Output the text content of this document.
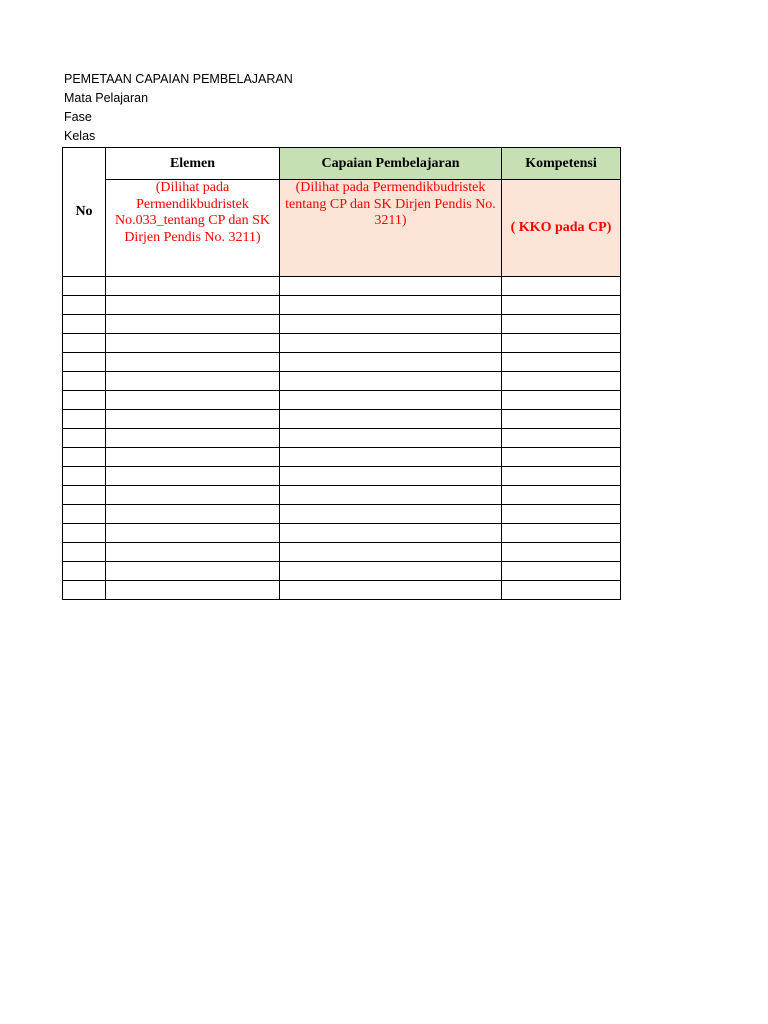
PEMETAAN CAPAIAN PEMBELAJARAN
Mata Pelajaran
Fase
Kelas
No	Elemen	Capaian Pembelajaran	Kompetensi
	(Dilihat pada Permendikbudristek No.033_tentang CP dan SK Dirjen Pendis No. 3211)	(Dilihat pada Permendikbudristek tentang CP dan SK Dirjen Pendis No. 3211)	( KKO pada CP)
